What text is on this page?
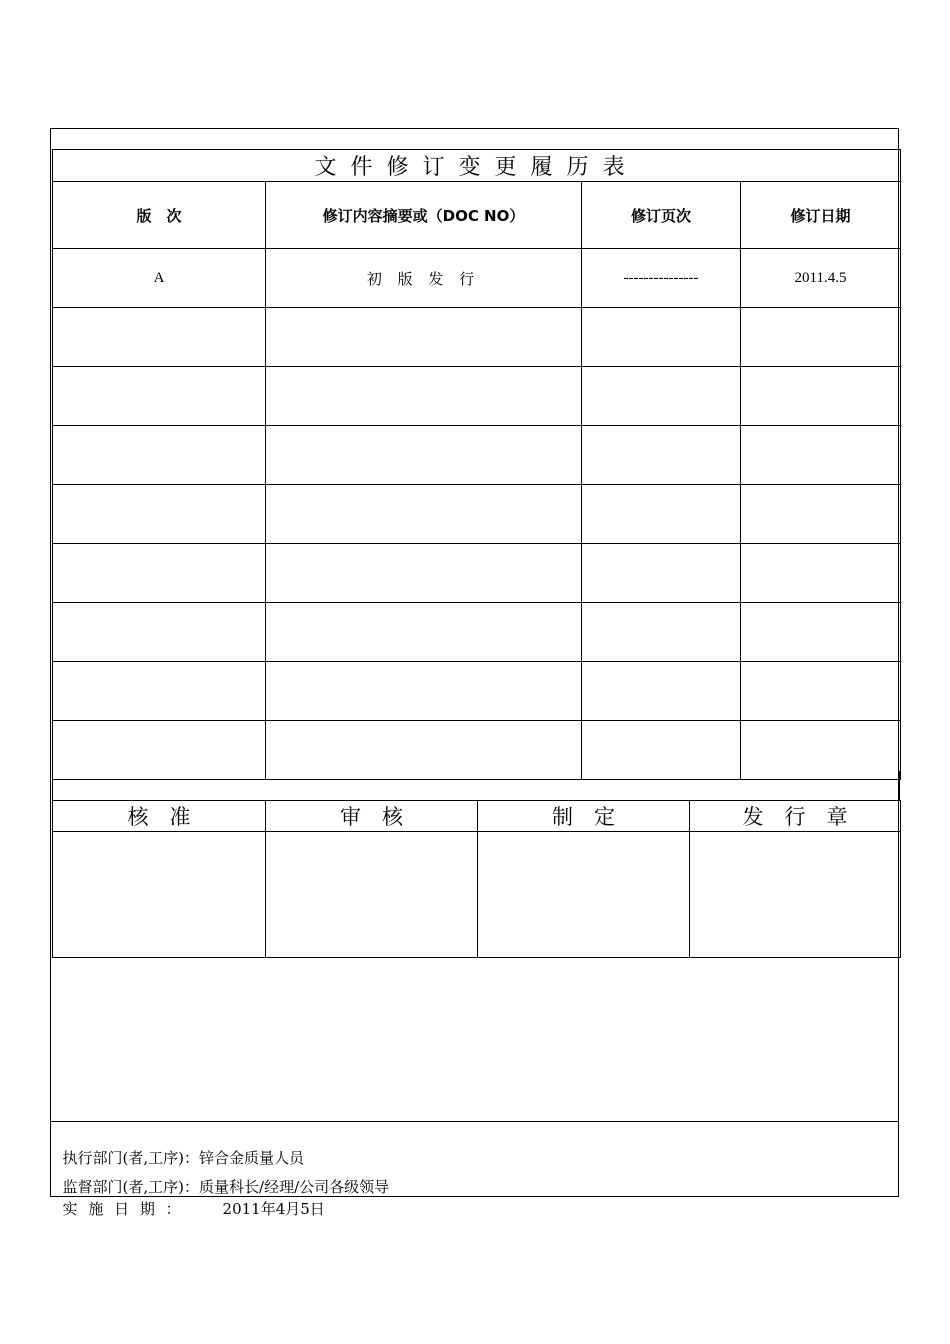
文件修订变更履历表			
版　次	修订内容摘要或（DOC NO）	修订页次	修订日期
A	初 版 发 行	---------------	2011.4.5

核　准	审　核	制　定	发　行　章

执行部门(者,工序)：锌合金质量人员

监督部门(者,工序)：质量科长/经理/公司各级领导

实 施 日 期 ：	2011年4月5日
